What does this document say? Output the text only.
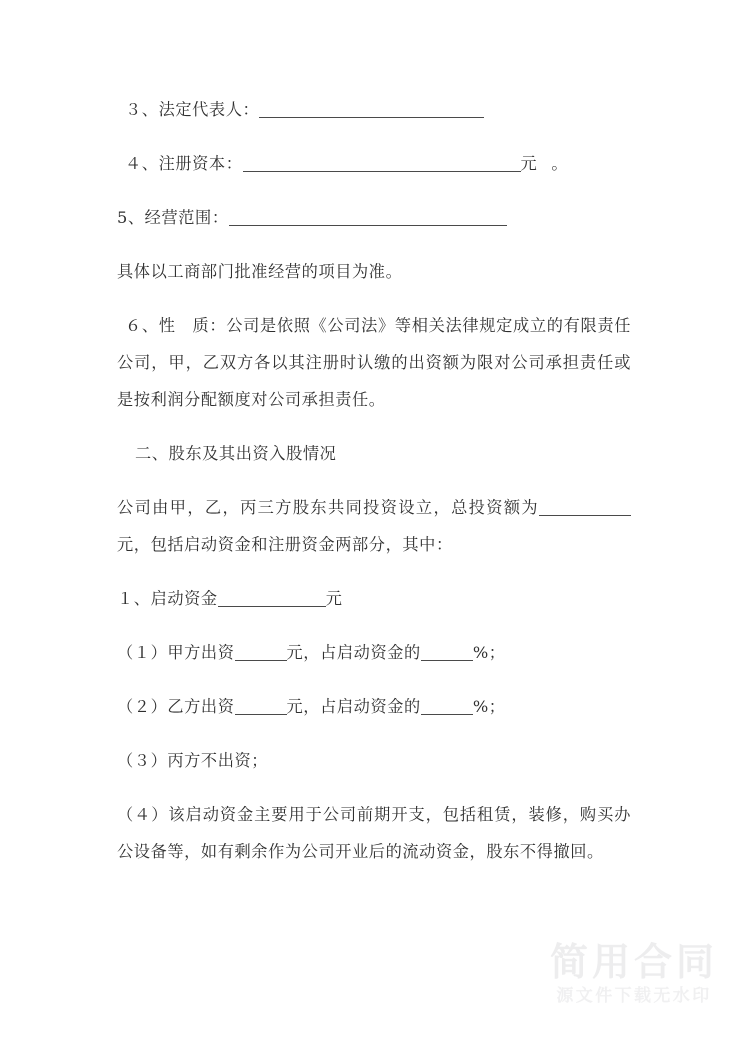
３、法定代表人：

４、注册资本：	元 。

5、经营范围：

具体以工商部门批准经营的项目为准。

６、性　质：公司是依照《公司法》等相关法律规定成立的有限责任公司，甲，乙双方各以其注册时认缴的出资额为限对公司承担责任或是按利润分配额度对公司承担责任。

二、股东及其出资入股情况

公司由甲，乙，丙三方股东共同投资设立，总投资额为元，包括启动资金和注册资金两部分，其中：

１、启动资金	元

（１）甲方出资	元，占启动资金的	%；

（２）乙方出资	元，占启动资金的	%；

（３）丙方不出资；

（４）该启动资金主要用于公司前期开支，包括租赁，装修，购买办公设备等，如有剩余作为公司开业后的流动资金，股东不得撤回。

简用合同
源文件下载无水印
